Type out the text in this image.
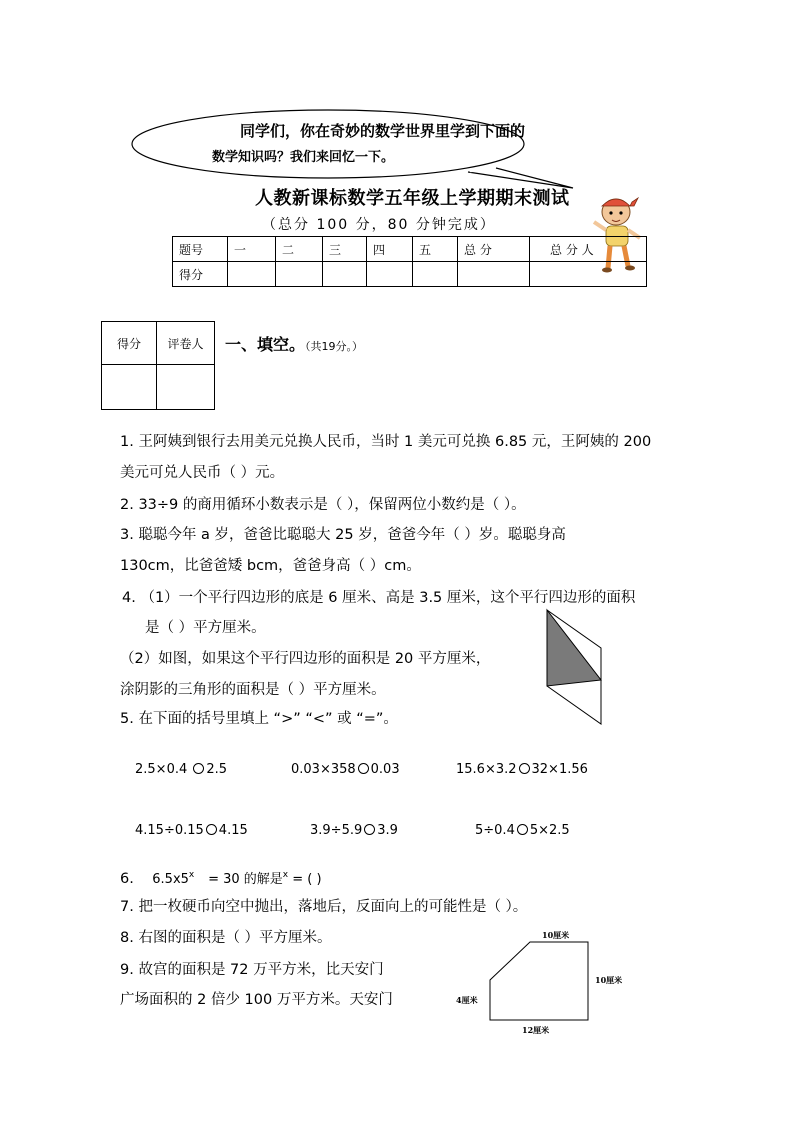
同学们，你在奇妙的数学世界里学到下面的
数学知识吗？我们来回忆一下。
人教新课标数学五年级上学期期末测试
（总分 100 分，80 分钟完成）
题号	一	二	三	四	五	总 分	总 分 人
得分							
得分	评卷人
	一、填空。（共19分。）
1. 王阿姨到银行去用美元兑换人民币，当时 1 美元可兑换 6.85 元，王阿姨的 200
美元可兑人民币（ ）元。
2. 33÷9 的商用循环小数表示是（ ），保留两位小数约是（ ）。
3. 聪聪今年 a 岁，爸爸比聪聪大 25 岁，爸爸今年（ ）岁。聪聪身高
130cm，比爸爸矮 bcm，爸爸身高（ ）cm。
4. （1）一个平行四边形的底是 6 厘米、高是 3.5 厘米，这个平行四边形的面积
是（ ）平方厘米。
（2）如图，如果这个平行四边形的面积是 20 平方厘米，
涂阴影的三角形的面积是（ ）平方厘米。
5. 在下面的括号里填上 “>” “<” 或 “=”。
2.5×0.4 2.5	0.03×358 0.03	15.6×3.2 32×1.56
4.15÷0.15 4.15	3.9÷5.9 3.9	5÷0.4 5×2.5
6. $6.5x5^x = 30$ 的解是$^x$ = ( )
7. 把一枚硬币向空中抛出，落地后，反面向上的可能性是（ ）。
8. 右图的面积是（ ）平方厘米。
9. 故宫的面积是 72 万平方米，比天安门
广场面积的 2 倍少 100 万平方米。天安门
10厘米
10厘米
4厘米
12厘米
